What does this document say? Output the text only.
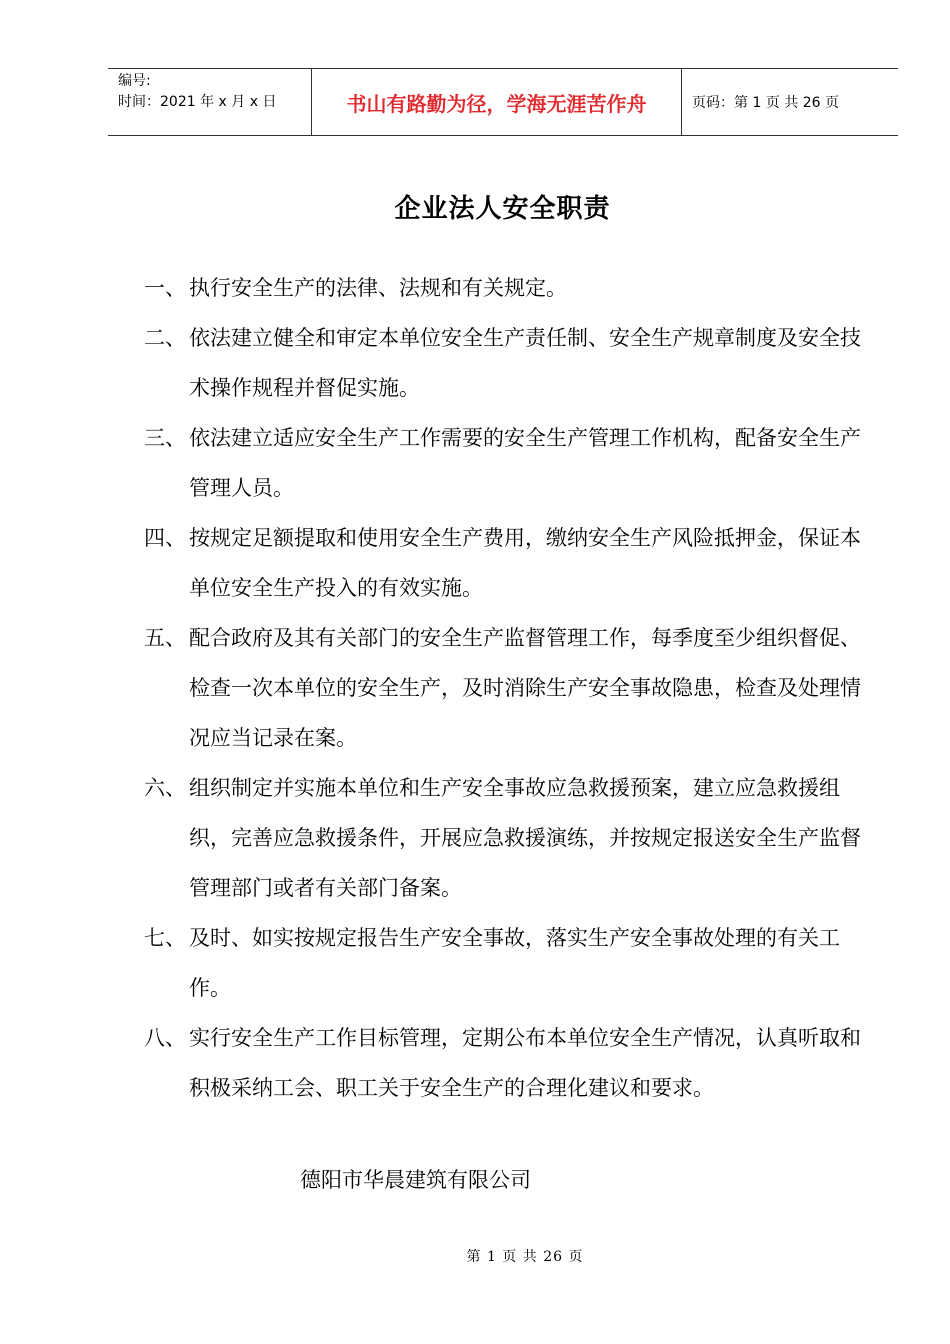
编号:
时间：2021 年 x 月 x 日	书山有路勤为径，学海无涯苦作舟	页码：第 1 页 共 26 页
企业法人安全职责
一、 执行安全生产的法律、法规和有关规定。
二、 依法建立健全和审定本单位安全生产责任制、安全生产规章制度及安全技术操作规程并督促实施。
三、 依法建立适应安全生产工作需要的安全生产管理工作机构，配备安全生产管理人员。
四、 按规定足额提取和使用安全生产费用，缴纳安全生产风险抵押金，保证本单位安全生产投入的有效实施。
五、 配合政府及其有关部门的安全生产监督管理工作，每季度至少组织督促、检查一次本单位的安全生产，及时消除生产安全事故隐患，检查及处理情况应当记录在案。
六、 组织制定并实施本单位和生产安全事故应急救援预案，建立应急救援组织，完善应急救援条件，开展应急救援演练，并按规定报送安全生产监督管理部门或者有关部门备案。
七、 及时、如实按规定报告生产安全事故，落实生产安全事故处理的有关工作。
八、 实行安全生产工作目标管理，定期公布本单位安全生产情况，认真听取和积极采纳工会、职工关于安全生产的合理化建议和要求。
德阳市华晨建筑有限公司
第 1 页 共 26 页
